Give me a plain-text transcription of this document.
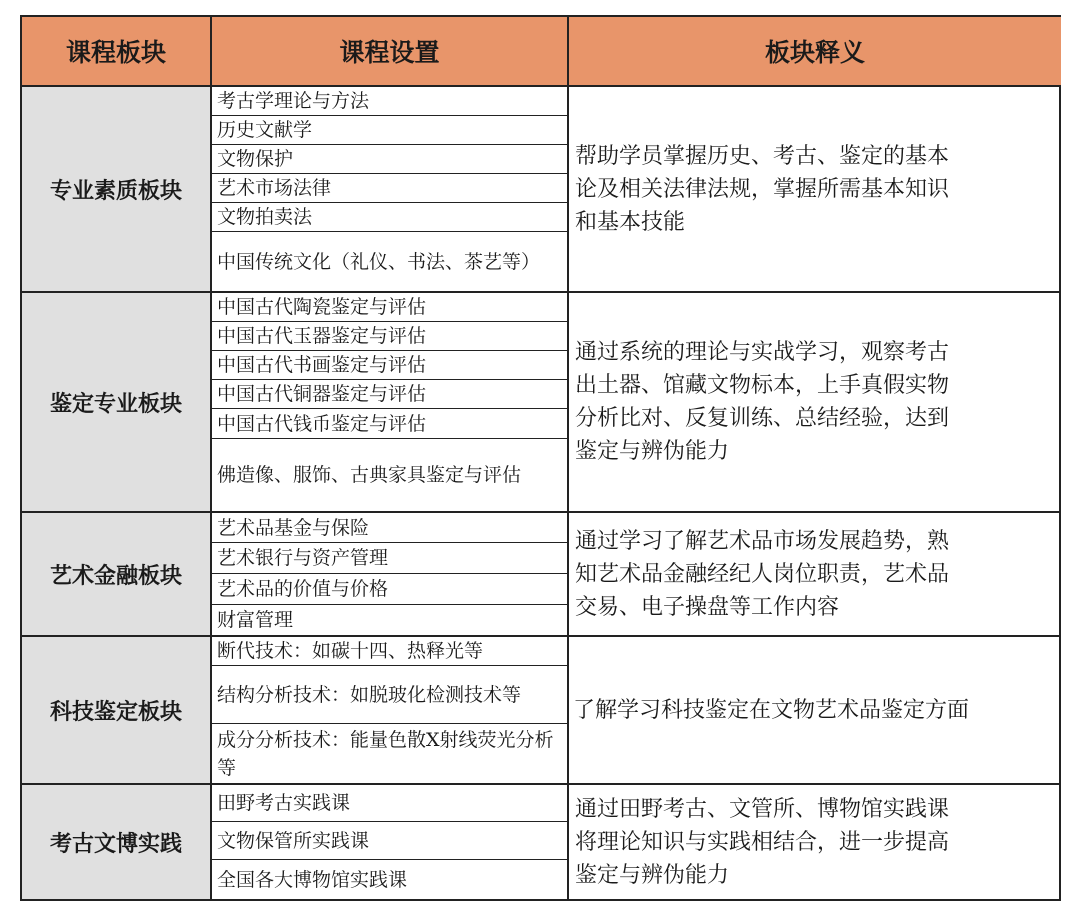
课程板块	课程设置	板块释义
专业素质板块
考古学理论与方法
历史文献学
文物保护
艺术市场法律
文物拍卖法
中国传统文化（礼仪、书法、茶艺等）
帮助学员掌握历史、考古、鉴定的基本
论及相关法律法规，掌握所需基本知识
和基本技能
鉴定专业板块
中国古代陶瓷鉴定与评估
中国古代玉器鉴定与评估
中国古代书画鉴定与评估
中国古代铜器鉴定与评估
中国古代钱币鉴定与评估
佛造像、服饰、古典家具鉴定与评估
通过系统的理论与实战学习，观察考古
出土器、馆藏文物标本，上手真假实物
分析比对、反复训练、总结经验，达到
鉴定与辨伪能力
艺术金融板块
艺术品基金与保险
艺术银行与资产管理
艺术品的价值与价格
财富管理
通过学习了解艺术品市场发展趋势，熟
知艺术品金融经纪人岗位职责，艺术品
交易、电子操盘等工作内容
科技鉴定板块
断代技术：如碳十四、热释光等
结构分析技术：如脱玻化检测技术等
成分分析技术：能量色散X射线荧光分析等
了解学习科技鉴定在文物艺术品鉴定方面
考古文博实践
田野考古实践课
文物保管所实践课
全国各大博物馆实践课
通过田野考古、文管所、博物馆实践课
将理论知识与实践相结合，进一步提高
鉴定与辨伪能力
